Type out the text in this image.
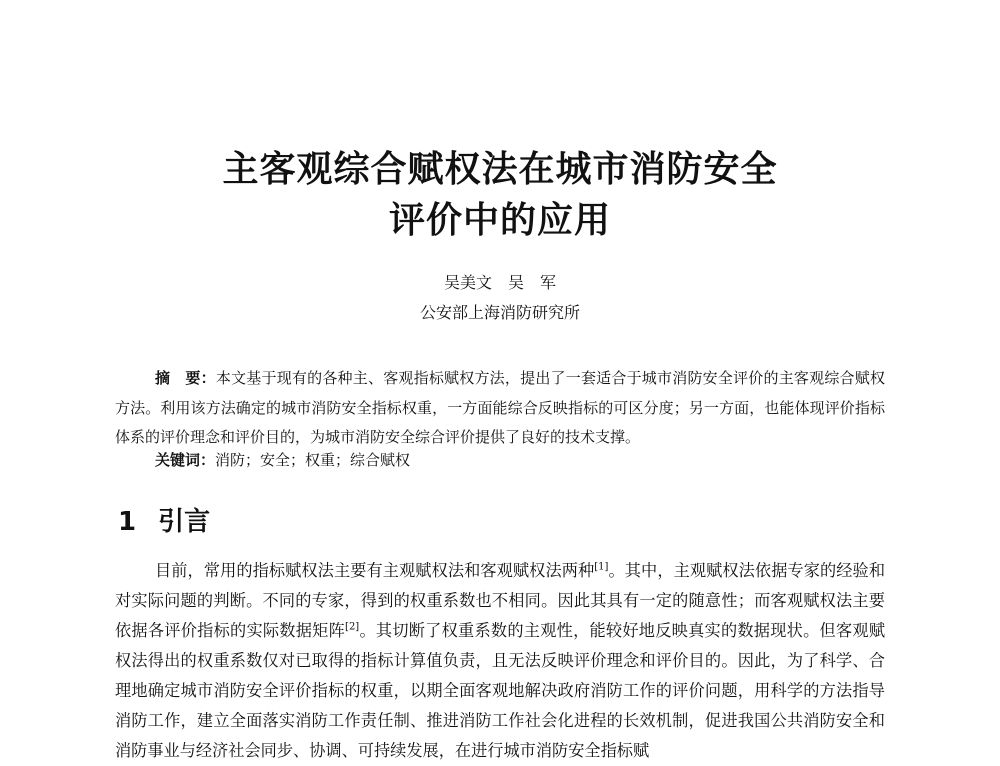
主客观综合赋权法在城市消防安全
评价中的应用
吴美文　吴　军
公安部上海消防研究所

摘　要：本文基于现有的各种主、客观指标赋权方法，提出了一套适合于城市消防安全评价的主客观综合赋权方法。利用该方法确定的城市消防安全指标权重，一方面能综合反映指标的可区分度；另一方面，也能体现评价指标体系的评价理念和评价目的，为城市消防安全综合评价提供了良好的技术支撑。

关键词：消防；安全；权重；综合赋权

1 引言

目前，常用的指标赋权法主要有主观赋权法和客观赋权法两种[1]。其中，主观赋权法依据专家的经验和对实际问题的判断。不同的专家，得到的权重系数也不相同。因此其具有一定的随意性；而客观赋权法主要依据各评价指标的实际数据矩阵[2]。其切断了权重系数的主观性，能较好地反映真实的数据现状。但客观赋权法得出的权重系数仅对已取得的指标计算值负责，且无法反映评价理念和评价目的。因此，为了科学、合理地确定城市消防安全评价指标的权重，以期全面客观地解决政府消防工作的评价问题，用科学的方法指导消防工作，建立全面落实消防工作责任制、推进消防工作社会化进程的长效机制，促进我国公共消防安全和消防事业与经济社会同步、协调、可持续发展，在进行城市消防安全指标赋
